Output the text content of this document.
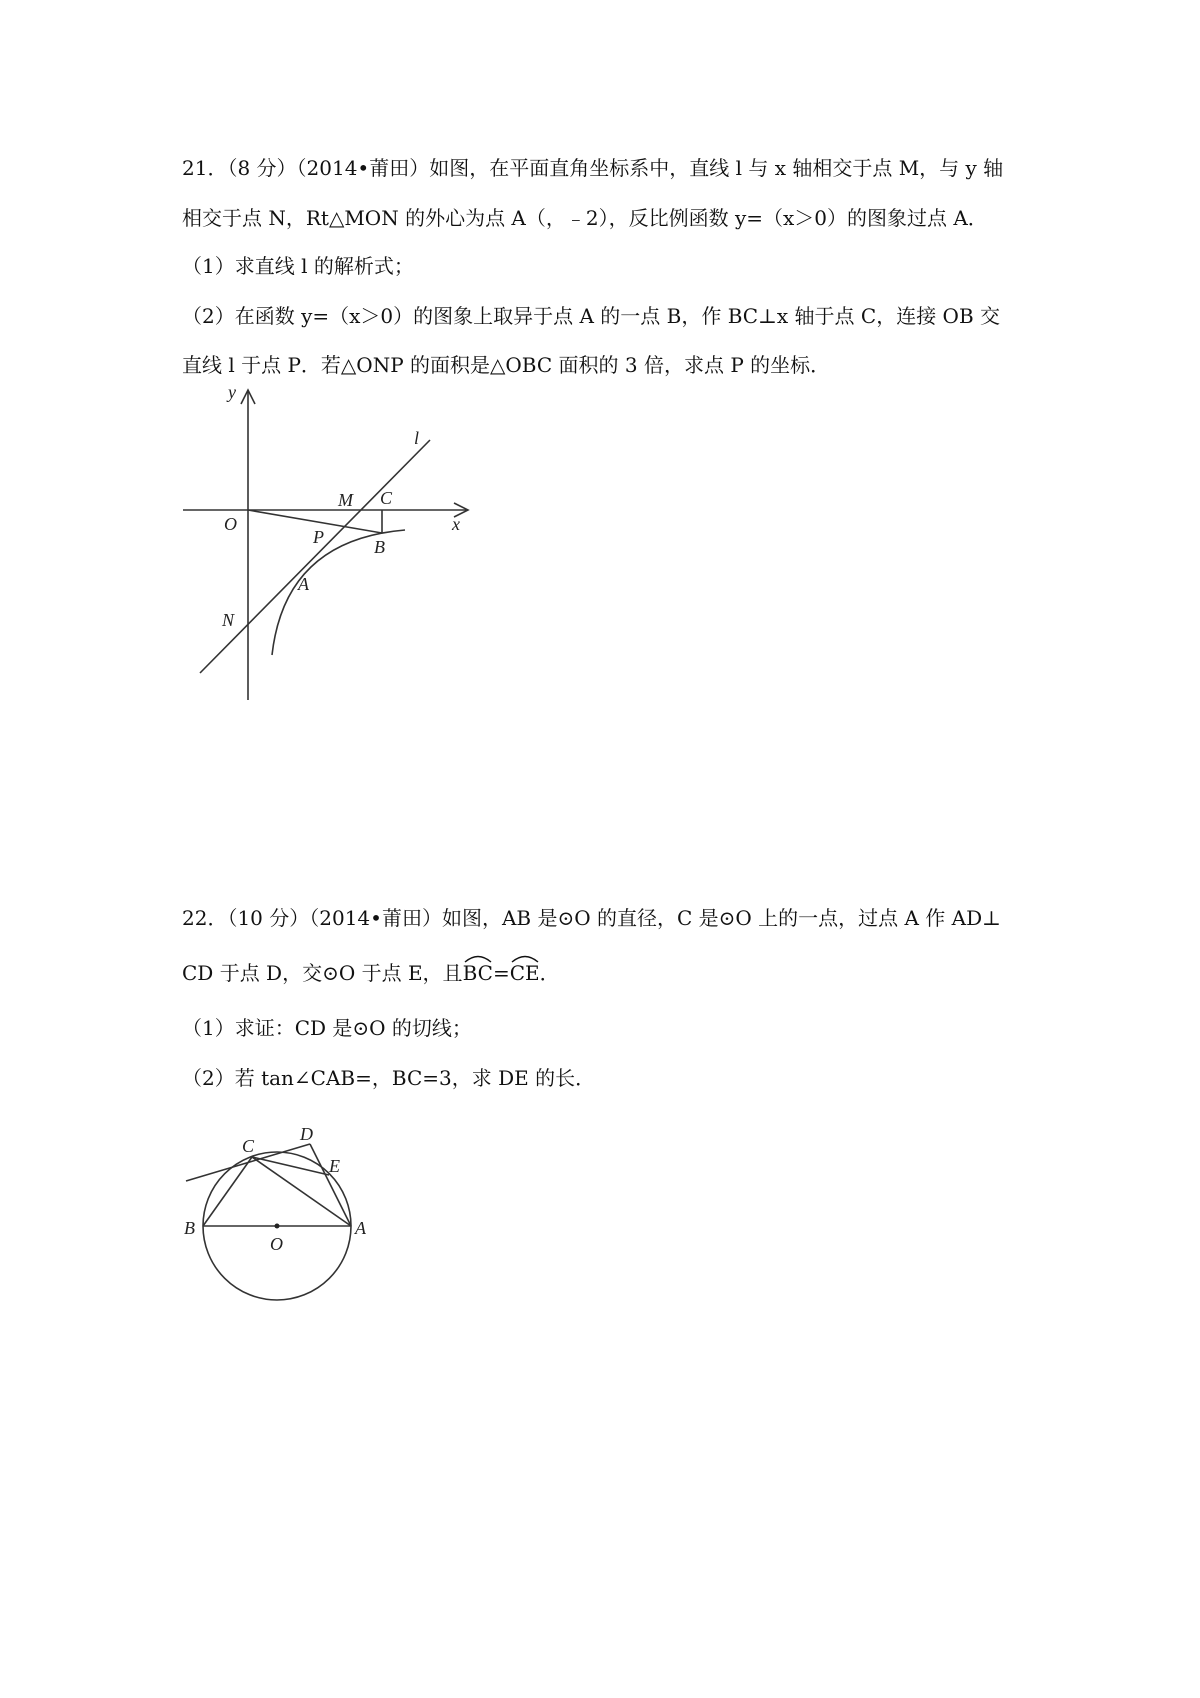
21．（8 分）（2014•莆田）如图，在平面直角坐标系中，直线 l 与 x 轴相交于点 M，与 y 轴
相交于点 N，Rt△MON 的外心为点 A（，﹣2），反比例函数 y=（x＞0）的图象过点 A．
（1）求直线 l 的解析式；
（2）在函数 y=（x＞0）的图象上取异于点 A 的一点 B，作 BC⊥x 轴于点 C，连接 OB 交
直线 l 于点 P．若△ONP 的面积是△OBC 面积的 3 倍，求点 P 的坐标．
y
l
M C
O	x
P	B
A
N
22．（10 分）（2014•莆田）如图，AB 是⊙O 的直径，C 是⊙O 上的一点，过点 A 作 AD⊥
CD 于点 D，交⊙O 于点 E，且
BC=
CE．
（1）求证：CD 是⊙O 的切线；
（2）若 tan∠CAB=，BC=3，求 DE 的长．
D
C
E
B
O
A
